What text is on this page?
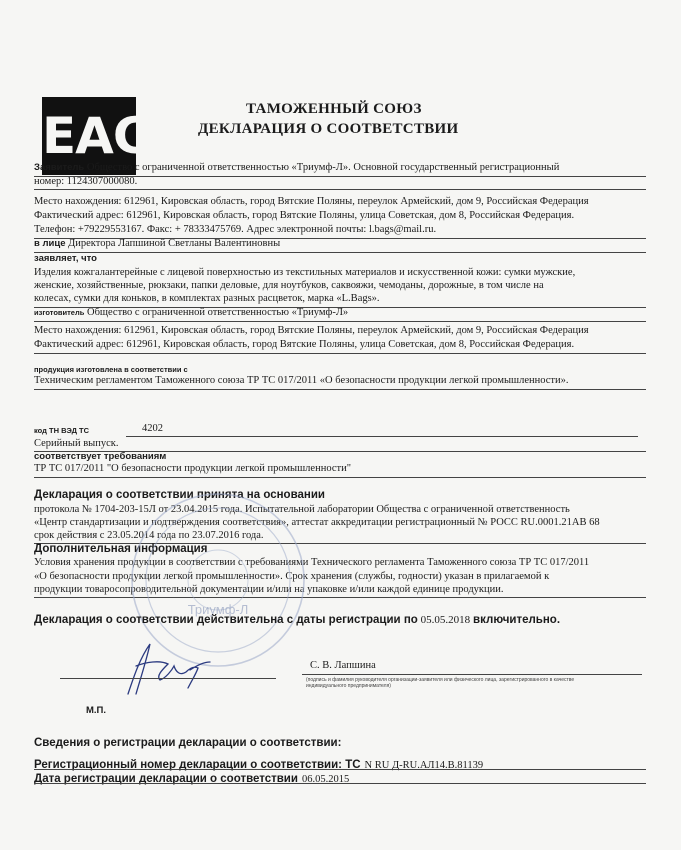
EAC	ТАМОЖЕННЫЙ СОЮЗ
ДЕКЛАРАЦИЯ О СООТВЕТСТВИИ
Заявитель Общество с ограниченной ответственностью «Триумф-Л». Основной государственный регистрационный
номер: 1124307000080.
Место нахождения: 612961, Кировская область, город Вятские Поляны, переулок Армейский, дом 9, Российская Федерация
Фактический адрес: 612961, Кировская область, город Вятские Поляны, улица Советская, дом 8, Российская Федерация.
Телефон: +79229553167. Факс: + 78333475769. Адрес электронной почты: l.bags@mail.ru.
в лице Директора Лапшиной Светланы Валентиновны
заявляет, что
Изделия кожгалантерейные с лицевой поверхностью из текстильных материалов и искусственной кожи: сумки мужские,
женские, хозяйственные, рюкзаки, папки деловые, для ноутбуков, саквояжи, чемоданы, дорожные, в том числе на
колесах, сумки для коньков, в комплектах разных расцветок, марка «L.Bags».
изготовитель Общество с ограниченной ответственностью «Триумф-Л»
Место нахождения: 612961, Кировская область, город Вятские Поляны, переулок Армейский, дом 9, Российская Федерация
Фактический адрес: 612961, Кировская область, город Вятские Поляны, улица Советская, дом 8, Российская Федерация.
продукция изготовлена в соответствии с
Техническим регламентом Таможенного союза ТР ТС 017/2011 «О безопасности продукции легкой промышленности».
код ТН ВЭД ТС	4202
Серийный выпуск.
соответствует требованиям
ТР ТС 017/2011 "О безопасности продукции легкой промышленности"
Декларация о соответствии принята на основании
протокола № 1704-203-15Л от 23.04.2015 года. Испытательной лаборатории Общества с ограниченной ответственность
«Центр стандартизации и подтверждения соответствия», аттестат аккредитации регистрационный № РОСС RU.0001.21АВ 68
срок действия с 23.05.2014 года по 23.07.2016 года.
Дополнительная информация
Условия хранения продукции в соответствии с требованиями Технического регламента Таможенного союза ТР ТС 017/2011
«О безопасности продукции легкой промышленности». Срок хранения (службы, годности) указан в прилагаемой к
продукции товаросопроводительной документации и/или на упаковке и/или каждой единице продукции.
Триумф-Л
Декларация о соответствии действительна с даты регистрации по 05.05.2018 включительно.
С. В. Лапшина
(подпись и фамилия руководителя организации-заявителя или физического лица, зарегистрированного в качестве
индивидуального предпринимателя)
М.П.
Сведения о регистрации декларации о соответствии:
Регистрационный номер декларации о соответствии: ТС N RU Д-RU.АЛ14.В.81139
Дата регистрации декларации о соответствии 06.05.2015
